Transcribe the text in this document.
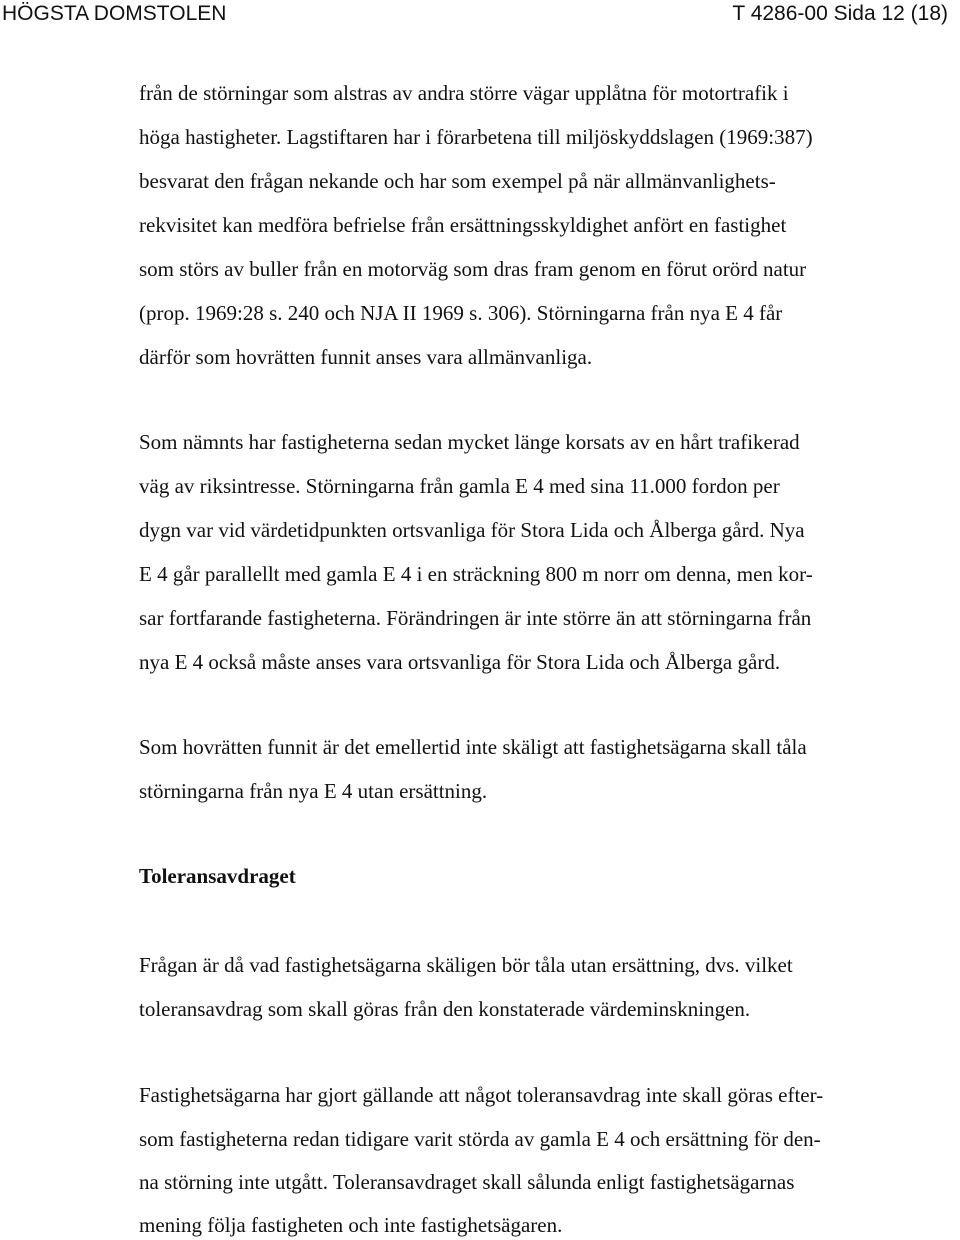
HÖGSTA DOMSTOLEN	T 4286-00 Sida 12 (18)
från de störningar som alstras av andra större vägar upplåtna för motortrafik i
höga hastigheter. Lagstiftaren har i förarbetena till miljöskyddslagen (1969:387)
besvarat den frågan nekande och har som exempel på när allmänvanlighets-
rekvisitet kan medföra befrielse från ersättningsskyldighet anfört en fastighet
som störs av buller från en motorväg som dras fram genom en förut orörd natur
(prop. 1969:28 s. 240 och NJA II 1969 s. 306). Störningarna från nya E 4 får
därför som hovrätten funnit anses vara allmänvanliga.
Som nämnts har fastigheterna sedan mycket länge korsats av en hårt trafikerad
väg av riksintresse. Störningarna från gamla E 4 med sina 11.000 fordon per
dygn var vid värdetidpunkten ortsvanliga för Stora Lida och Ålberga gård. Nya
E 4 går parallellt med gamla E 4 i en sträckning 800 m norr om denna, men kor-
sar fortfarande fastigheterna. Förändringen är inte större än att störningarna från
nya E 4 också måste anses vara ortsvanliga för Stora Lida och Ålberga gård.
Som hovrätten funnit är det emellertid inte skäligt att fastighetsägarna skall tåla
störningarna från nya E 4 utan ersättning.
Toleransavdraget
Frågan är då vad fastighetsägarna skäligen bör tåla utan ersättning, dvs. vilket
toleransavdrag som skall göras från den konstaterade värdeminskningen.
Fastighetsägarna har gjort gällande att något toleransavdrag inte skall göras efter-
som fastigheterna redan tidigare varit störda av gamla E 4 och ersättning för den-
na störning inte utgått. Toleransavdraget skall sålunda enligt fastighetsägarnas
mening följa fastigheten och inte fastighetsägaren.
